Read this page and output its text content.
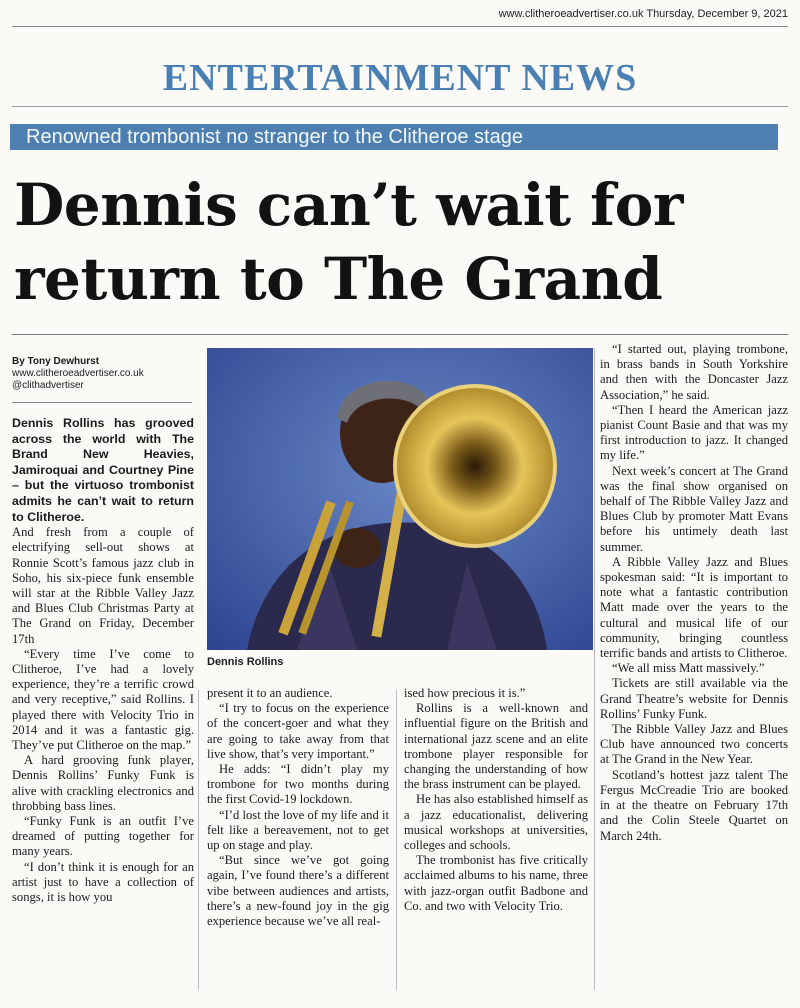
www.clitheroeadvertiser.co.uk Thursday, December 9, 2021
ENTERTAINMENT NEWS
Renowned trombonist no stranger to the Clitheroe stage
Dennis can’t wait for
return to The Grand
By Tony Dewhurst
www.clitheroeadvertiser.co.uk
@clithadvertiser

Dennis Rollins has grooved across the world with The Brand New Heavies, Jamiroquai and Courtney Pine – but the virtuoso trombonist admits he can’t wait to return to Clitheroe.

And fresh from a couple of electrifying sell-out shows at Ronnie Scott’s famous jazz club in Soho, his six-piece funk ensemble will star at the Ribble Valley Jazz and Blues Club Christmas Party at The Grand on Friday, December 17th

“Every time I’ve come to Clitheroe, I’ve had a lovely experience, they’re a terrific crowd and very receptive,” said Rollins. I played there with Velocity Trio in 2014 and it was a fantastic gig. They’ve put Clitheroe on the map.”

A hard grooving funk player, Dennis Rollins’ Funky Funk is alive with crackling electronics and throbbing bass lines.

“Funky Funk is an outfit I’ve dreamed of putting together for many years.

“I don’t think it is enough for an artist just to have a collection of songs, it is how you

Dennis Rollins

present it to an audience.

“I try to focus on the experience of the concert-goer and what they are going to take away from that live show, that’s very important.”

He adds: “I didn’t play my trombone for two months during the first Covid-19 lockdown.

“I’d lost the love of my life and it felt like a bereavement, not to get up on stage and play.

“But since we’ve got going again, I’ve found there’s a different vibe between audiences and artists, there’s a new-found joy in the gig experience because we’ve all real-

ised how precious it is.”

Rollins is a well-known and influential figure on the British and international jazz scene and an elite trombone player responsible for changing the understanding of how the brass instrument can be played.

He has also established himself as a jazz educationalist, delivering musical workshops at universities, colleges and schools.

The trombonist has five critically acclaimed albums to his name, three with jazz-organ outfit Badbone and Co. and two with Velocity Trio.

“I started out, playing trombone, in brass bands in South Yorkshire and then with the Doncaster Jazz Association,” he said.

“Then I heard the American jazz pianist Count Basie and that was my first introduction to jazz. It changed my life.”

Next week’s concert at The Grand was the final show organised on behalf of The Ribble Valley Jazz and Blues Club by promoter Matt Evans before his untimely death last summer.

A Ribble Valley Jazz and Blues spokesman said: “It is important to note what a fantastic contribution Matt made over the years to the cultural and musical life of our community, bringing countless terrific bands and artists to Clitheroe.

“We all miss Matt massively.”

Tickets are still available via the Grand Theatre’s website for Dennis Rollins’ Funky Funk.

The Ribble Valley Jazz and Blues Club have announced two concerts at The Grand in the New Year.

Scotland’s hottest jazz talent The Fergus McCreadie Trio are booked in at the theatre on February 17th and the Colin Steele Quartet on March 24th.
